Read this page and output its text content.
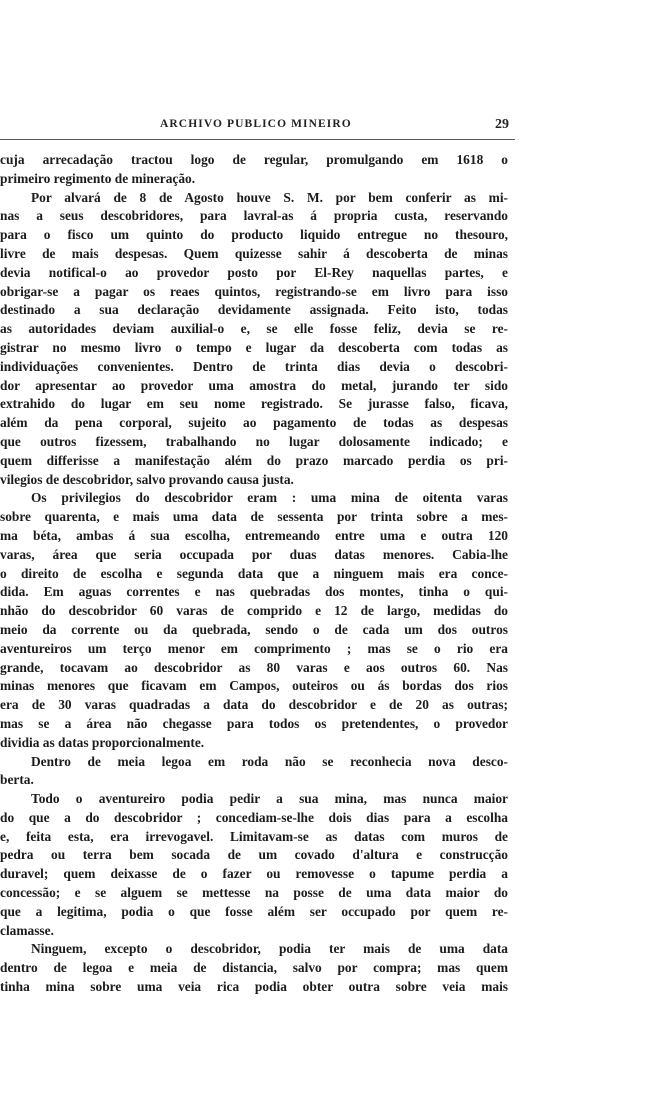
ARCHIVO PUBLICO MINEIRO	29
cuja arrecadação tractou logo de regular, promulgando em 1618 o
primeiro regimento de mineração.
Por alvará de 8 de Agosto houve S. M. por bem conferir as mi-
nas a seus descobridores, para lavral-as á propria custa, reservando
para o fisco um quinto do producto liquido entregue no thesouro,
livre de mais despesas. Quem quizesse sahir á descoberta de minas
devia notifical-o ao provedor posto por El-Rey naquellas partes, e
obrigar-se a pagar os reaes quintos, registrando-se em livro para isso
destinado a sua declaração devidamente assignada. Feito isto, todas
as autoridades deviam auxilial-o e, se elle fosse feliz, devia se re-
gistrar no mesmo livro o tempo e lugar da descoberta com todas as
individuações convenientes. Dentro de trinta dias devia o descobri-
dor apresentar ao provedor uma amostra do metal, jurando ter sido
extrahido do lugar em seu nome registrado. Se jurasse falso, ficava,
além da pena corporal, sujeito ao pagamento de todas as despesas
que outros fizessem, trabalhando no lugar dolosamente indicado; e
quem differisse a manifestação além do prazo marcado perdia os pri-
vilegios de descobridor, salvo provando causa justa.
Os privilegios do descobridor eram : uma mina de oitenta varas
sobre quarenta, e mais uma data de sessenta por trinta sobre a mes-
ma béta, ambas á sua escolha, entremeando entre uma e outra 120
varas, área que seria occupada por duas datas menores. Cabia-lhe
o direito de escolha e segunda data que a ninguem mais era conce-
dida. Em aguas correntes e nas quebradas dos montes, tinha o qui-
nhão do descobridor 60 varas de comprido e 12 de largo, medidas do
meio da corrente ou da quebrada, sendo o de cada um dos outros
aventureiros um terço menor em comprimento ; mas se o rio era
grande, tocavam ao descobridor as 80 varas e aos outros 60. Nas
minas menores que ficavam em Campos, outeiros ou ás bordas dos rios
era de 30 varas quadradas a data do descobridor e de 20 as outras;
mas se a área não chegasse para todos os pretendentes, o provedor
dividia as datas proporcionalmente.
Dentro de meia legoa em roda não se reconhecia nova desco-
berta.
Todo o aventureiro podia pedir a sua mina, mas nunca maior
do que a do descobridor ; concediam-se-lhe dois dias para a escolha
e, feita esta, era irrevogavel. Limitavam-se as datas com muros de
pedra ou terra bem socada de um covado d'altura e construcção
duravel; quem deixasse de o fazer ou removesse o tapume perdia a
concessão; e se alguem se mettesse na posse de uma data maior do
que a legitima, podia o que fosse além ser occupado por quem re-
clamasse.
Ninguem, excepto o descobridor, podia ter mais de uma data
dentro de legoa e meia de distancia, salvo por compra; mas quem
tinha mina sobre uma veia rica podia obter outra sobre veia mais
